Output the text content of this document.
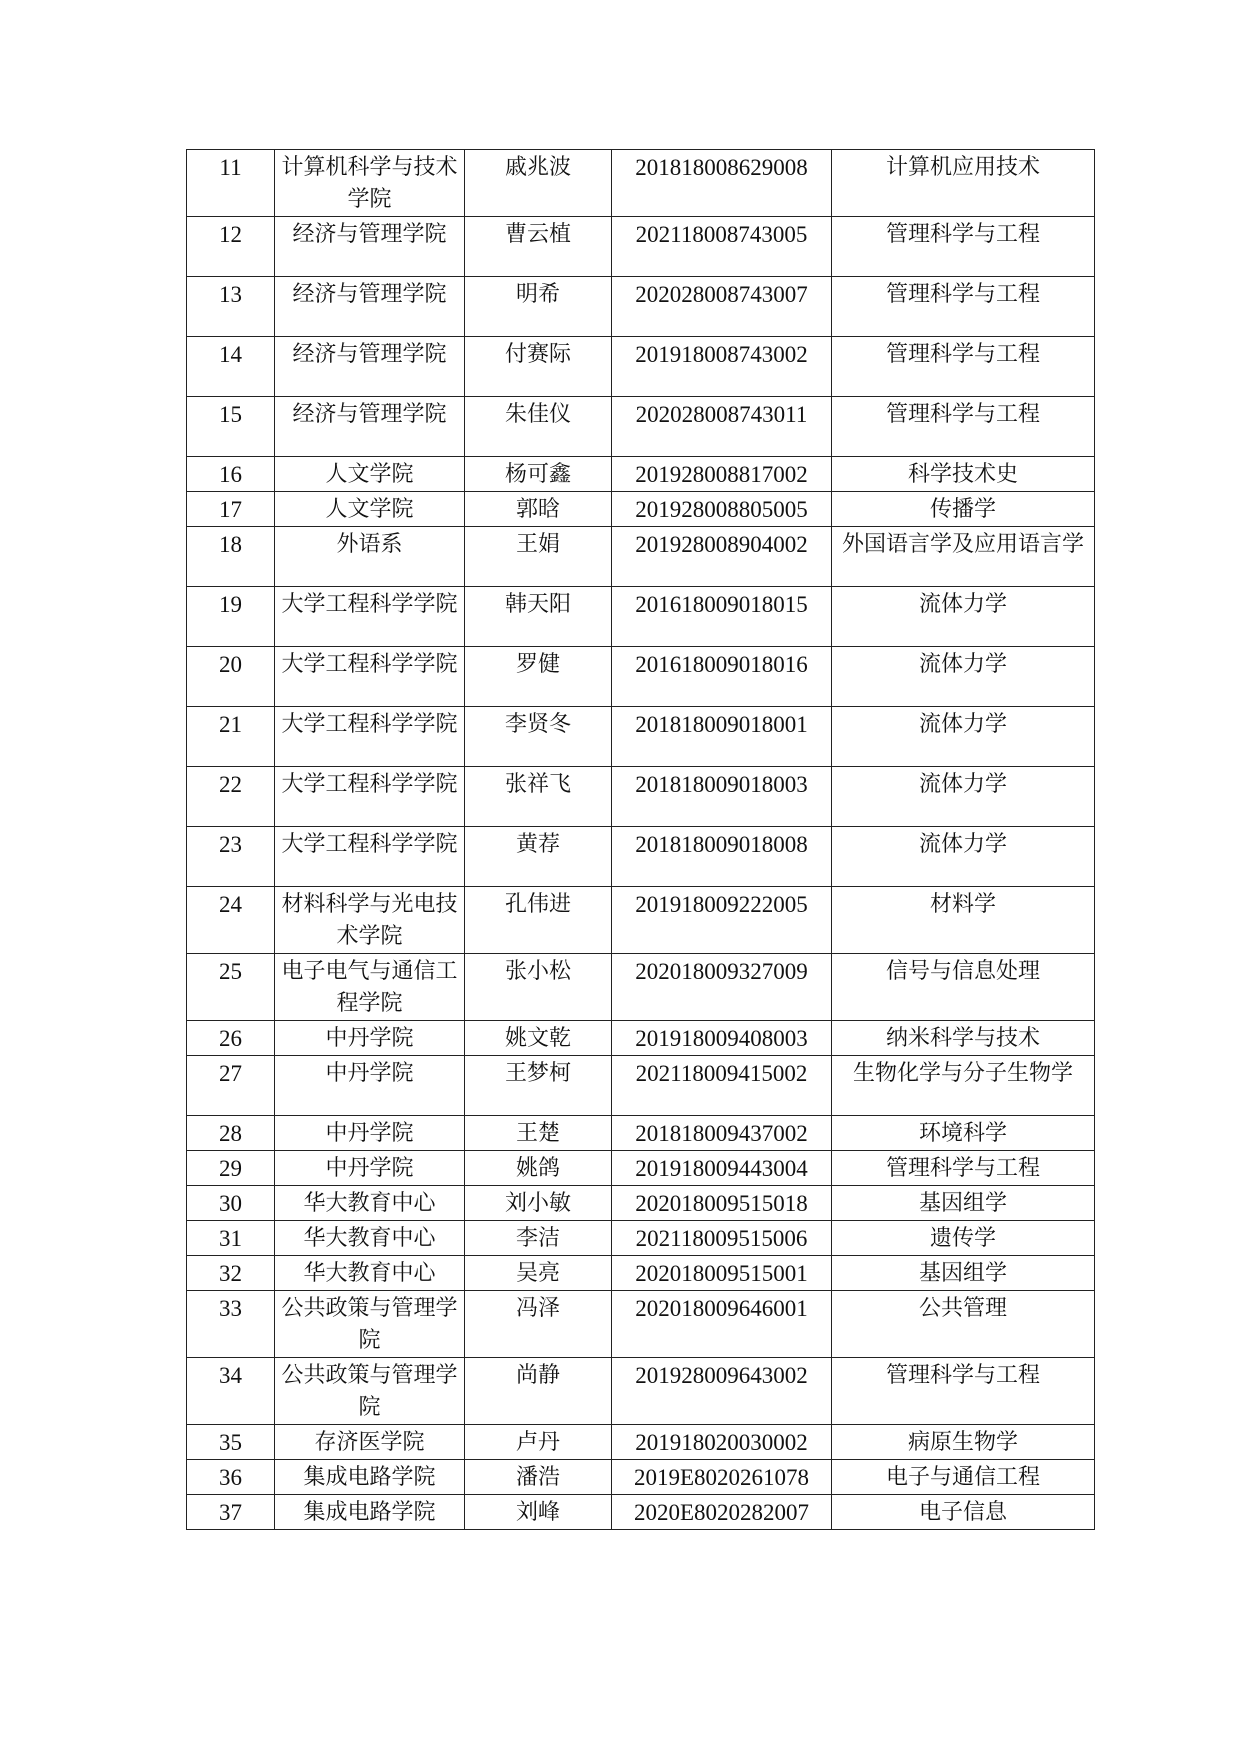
11	计算机科学与技术学院	戚兆波	201818008629008	计算机应用技术
12	经济与管理学院	曹云植	202118008743005	管理科学与工程
13	经济与管理学院	明希	202028008743007	管理科学与工程
14	经济与管理学院	付赛际	201918008743002	管理科学与工程
15	经济与管理学院	朱佳仪	202028008743011	管理科学与工程
16	人文学院	杨可鑫	201928008817002	科学技术史
17	人文学院	郭晗	201928008805005	传播学
18	外语系	王娟	201928008904002	外国语言学及应用语言学
19	大学工程科学学院	韩天阳	201618009018015	流体力学
20	大学工程科学学院	罗健	201618009018016	流体力学
21	大学工程科学学院	李贤冬	201818009018001	流体力学
22	大学工程科学学院	张祥飞	201818009018003	流体力学
23	大学工程科学学院	黄荐	201818009018008	流体力学
24	材料科学与光电技术学院	孔伟进	201918009222005	材料学
25	电子电气与通信工程学院	张小松	202018009327009	信号与信息处理
26	中丹学院	姚文乾	201918009408003	纳米科学与技术
27	中丹学院	王梦柯	202118009415002	生物化学与分子生物学
28	中丹学院	王楚	201818009437002	环境科学
29	中丹学院	姚鸽	201918009443004	管理科学与工程
30	华大教育中心	刘小敏	202018009515018	基因组学
31	华大教育中心	李洁	202118009515006	遗传学
32	华大教育中心	吴亮	202018009515001	基因组学
33	公共政策与管理学院	冯泽	202018009646001	公共管理
34	公共政策与管理学院	尚静	201928009643002	管理科学与工程
35	存济医学院	卢丹	201918020030002	病原生物学
36	集成电路学院	潘浩	2019E8020261078	电子与通信工程
37	集成电路学院	刘峰	2020E8020282007	电子信息
